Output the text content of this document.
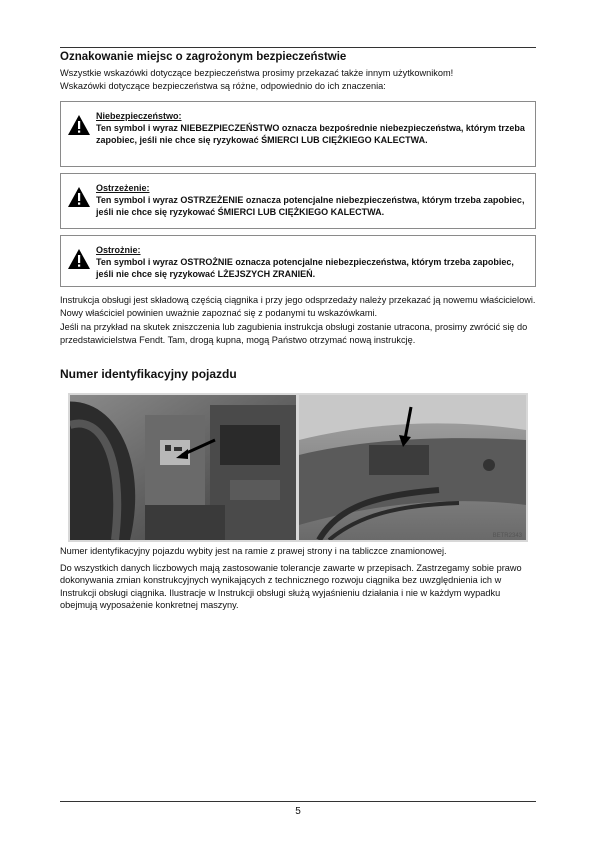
Oznakowanie miejsc o zagrożonym bezpieczeństwie

Wszystkie wskazówki dotyczące bezpieczeństwa prosimy przekazać także innym użytkownikom!

Wskazówki dotyczące bezpieczeństwa są różne, odpowiednio do ich znaczenia:

Niebezpieczeństwo:
Ten symbol i wyraz NIEBEZPIECZEŃSTWO oznacza bezpośrednie niebezpieczeństwa, którym trzeba zapobiec, jeśli nie chce się ryzykować ŚMIERCI LUB CIĘŻKIEGO KALECTWA.
Ostrzeżenie:
Ten symbol i wyraz OSTRZEŻENIE oznacza potencjalne niebezpieczeństwa, którym trzeba zapobiec, jeśli nie chce się ryzykować ŚMIERCI LUB CIĘŻKIEGO KALECTWA.
Ostrożnie:
Ten symbol i wyraz OSTROŻNIE oznacza potencjalne niebezpieczeństwa, którym trzeba zapobiec, jeśli nie chce się ryzykować LŻEJSZYCH ZRANIEŃ.

Instrukcja obsługi jest składową częścią ciągnika i przy jego odsprzedaży należy przekazać ją nowemu właścicielowi. Nowy właściciel powinien uważnie zapoznać się z podanymi tu wskazówkami.

Jeśli na przykład na skutek zniszczenia lub zagubienia instrukcja obsługi zostanie utracona, prosimy zwrócić się do przedstawicielstwa Fendt. Tam, drogą kupna, mogą Państwo otrzymać nową instrukcję.

Numer identyfikacyjny pojazdu
BETR2343

Numer identyfikacyjny pojazdu wybity jest na ramie z prawej strony i na tabliczce znamionowej.

Do wszystkich danych liczbowych mają zastosowanie tolerancje zawarte w przepisach. Zastrzegamy sobie prawo dokonywania zmian konstrukcyjnych wynikających z technicznego rozwoju ciągnika bez uwzględnienia ich w Instrukcji obsługi ciągnika. Ilustracje w Instrukcji obsługi służą wyjaśnieniu działania i nie w każdym wypadku obejmują wyposażenie konkretnej maszyny.

5
